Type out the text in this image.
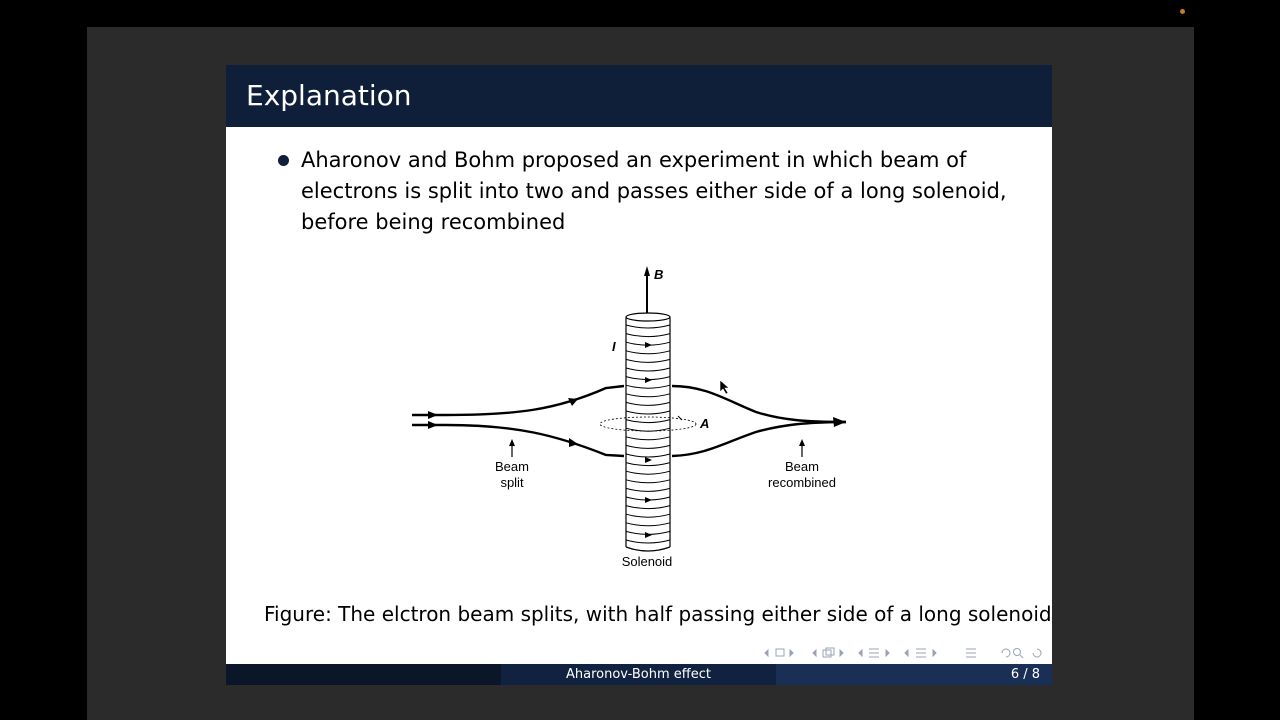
Explanation
Aharonov and Bohm proposed an experiment in which beam of electrons is split into two and passes either side of a long solenoid, before being recombined
B
A
I
Beam
split
Beam
recombined
Solenoid
Figure: The elctron beam splits, with half passing either side of a long solenoid
Aharonov-Bohm effect	6 / 8
